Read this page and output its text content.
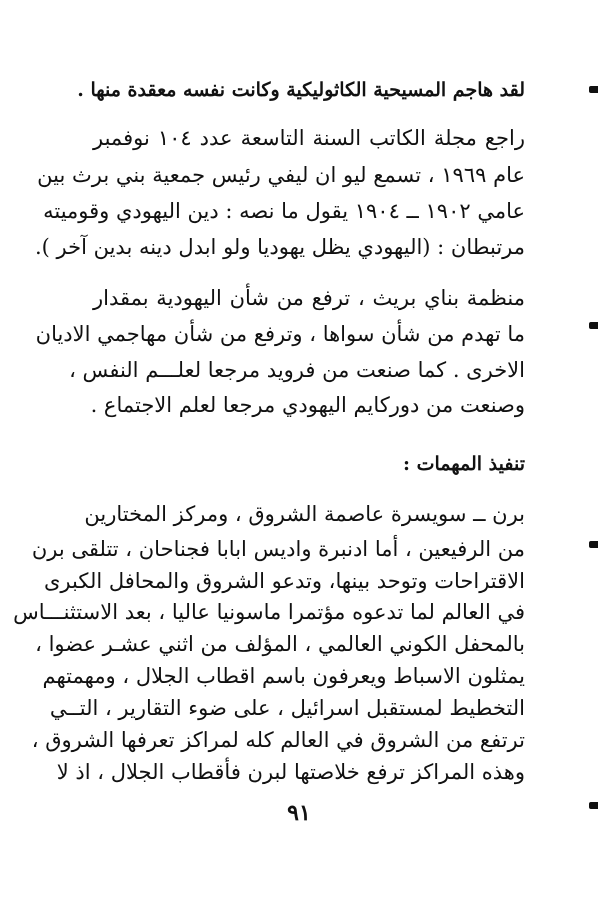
لقد هاجم المسيحية الكاثوليكية وكانت نفسه معقدة منها .
راجع مجلة الكاتب السنة التاسعة عدد ١٠٤ نوفمبر
عام ١٩٦٩ ، تسمع ليو ان ليفي رئيس جمعية بني برث بين
عامي ١٩٠٢ ــ ١٩٠٤ يقول ما نصه : دين اليهودي وقوميته
مرتبطان : (اليهودي يظل يهوديا ولو ابدل دينه بدين آخر ).
منظمة بناي بريث ، ترفع من شأن اليهودية بمقدار
ما تهدم من شأن سواها ، وترفع من شأن مهاجمي الاديان
الاخرى . كما صنعت من فرويد مرجعا لعلـــم النفس ،
وصنعت من دوركايم اليهودي مرجعا لعلم الاجتماع .
تنفيذ المهمات :
برن ــ سويسرة عاصمة الشروق ، ومركز المختارين
من الرفيعين ، أما ادنبرة واديس ابابا فجناحان ، تتلقى برن
الاقتراحات وتوحد بينها، وتدعو الشروق والمحافل الكبرى
في العالم لما تدعوه مؤتمرا ماسونيا عاليا ، بعد الاستثنـــاس
بالمحفل الكوني العالمي ، المؤلف من اثني عشـر عضوا ،
يمثلون الاسباط ويعرفون باسم اقطاب الجلال ، ومهمتهم
التخطيط لمستقبل اسرائيل ، على ضوء التقارير ، التــي
ترتفع من الشروق في العالم كله لمراكز تعرفها الشروق ،
وهذه المراكز ترفع خلاصتها لبرن فأقطاب الجلال ، اذ لا
٩١
